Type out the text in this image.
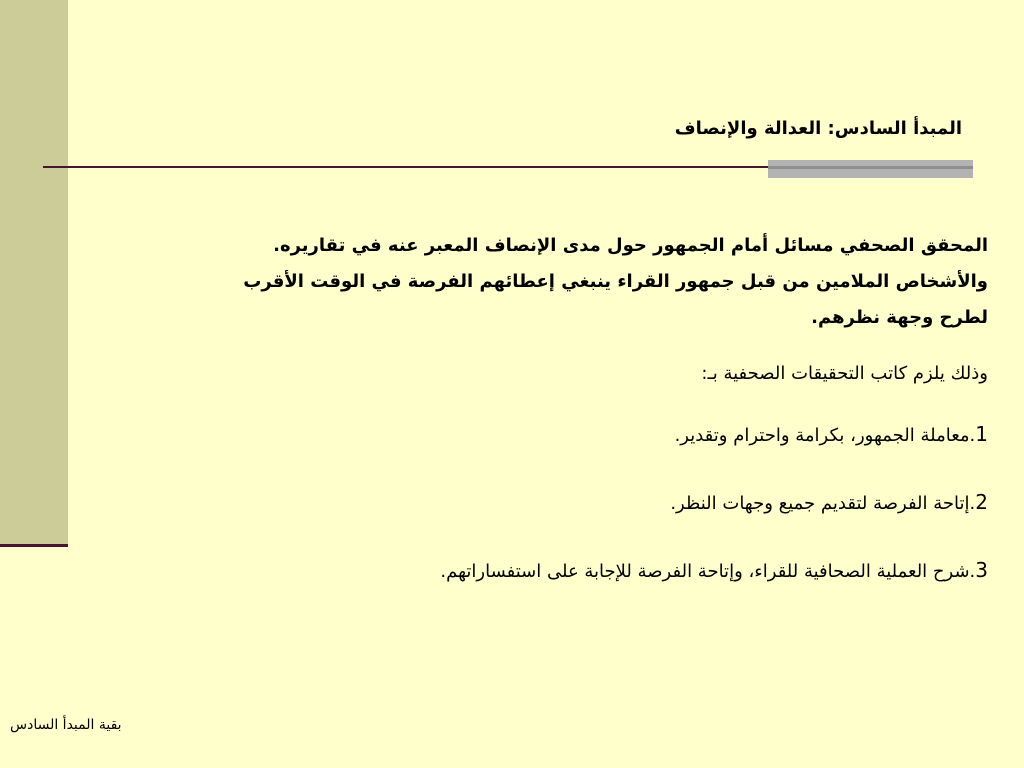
المبدأ السادس: العدالة والإنصاف
المحقق الصحفي مسائل أمام الجمهور حول مدى الإنصاف المعبر عنه في تقاريره.
والأشخاص الملامين من قبل جمهور القراء ينبغي إعطائهم الفرصة في الوقت الأقرب
لطرح وجهة نظرهم.

وذلك يلزم كاتب التحقيقات الصحفية بـ:

1.معاملة الجمهور، بكرامة واحترام وتقدير.

2.إتاحة الفرصة لتقديم جميع وجهات النظر.

3.شرح العملية الصحافية للقراء، وإتاحة الفرصة للإجابة على استفساراتهم.

بقية المبدأ السادس
